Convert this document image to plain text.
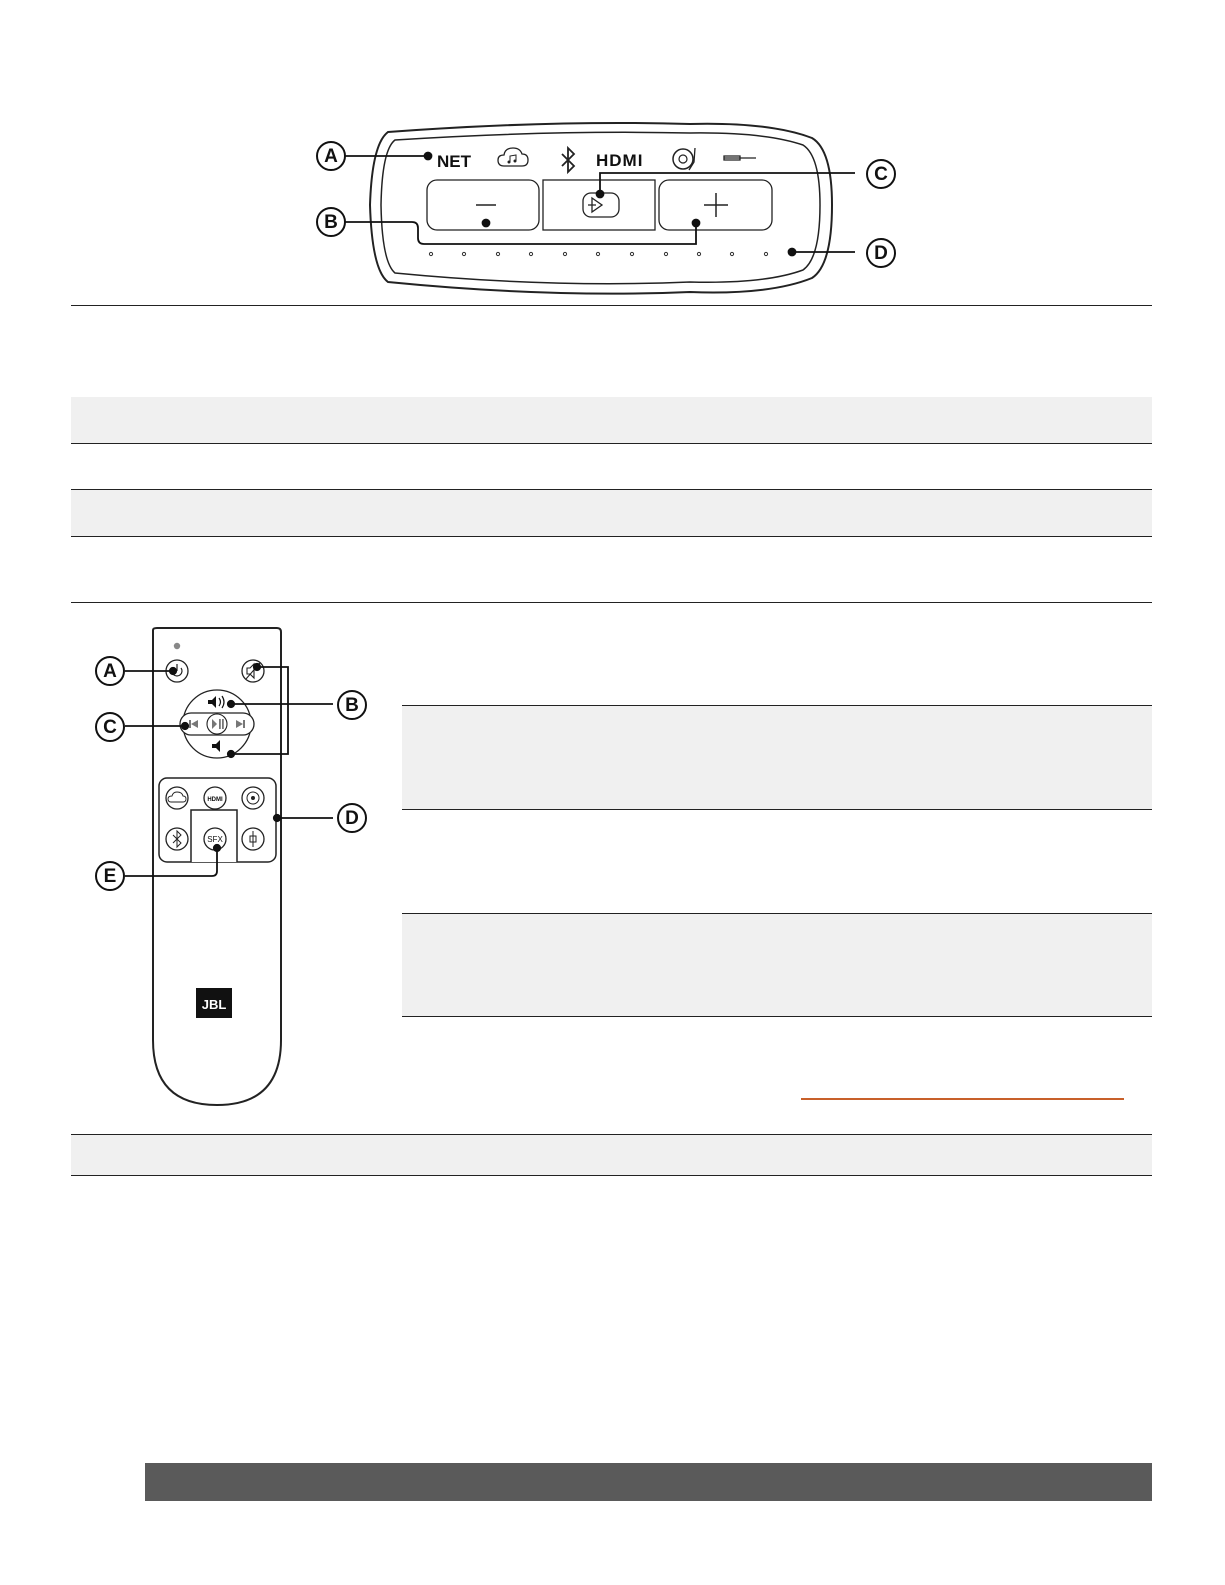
NET	HDMI
A
B
C
D
HDMI
SFX
JBL
A
B
C
D
E
